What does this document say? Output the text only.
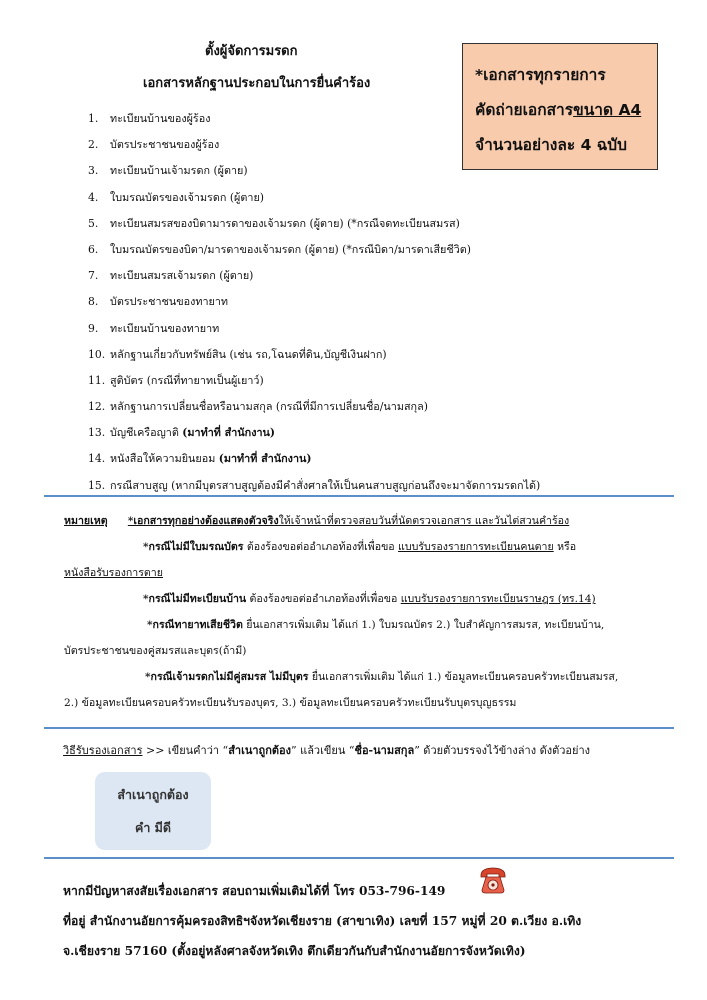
ตั้งผู้จัดการมรดก
เอกสารหลักฐานประกอบในการยื่นคำร้อง	*เอกสารทุกรายการ
คัดถ่ายเอกสารขนาด A4
จำนวนอย่างละ 4 ฉบับ
1. ทะเบียนบ้านของผู้ร้อง
2. บัตรประชาชนของผู้ร้อง
3. ทะเบียนบ้านเจ้ามรดก (ผู้ตาย)
4. ใบมรณบัตรของเจ้ามรดก (ผู้ตาย)
5. ทะเบียนสมรสของบิดามารดาของเจ้ามรดก (ผู้ตาย) (*กรณีจดทะเบียนสมรส)
6. ใบมรณบัตรของบิดา/มารดาของเจ้ามรดก (ผู้ตาย) (*กรณีบิดา/มารดาเสียชีวิต)
7. ทะเบียนสมรสเจ้ามรดก (ผู้ตาย)
8. บัตรประชาชนของทายาท
9. ทะเบียนบ้านของทายาท
10. หลักฐานเกี่ยวกับทรัพย์สิน (เช่น รถ,โฉนดที่ดิน,บัญชีเงินฝาก)
11. สูติบัตร (กรณีที่ทายาทเป็นผู้เยาว์)
12. หลักฐานการเปลี่ยนชื่อหรือนามสกุล (กรณีที่มีการเปลี่ยนชื่อ/นามสกุล)
13. บัญชีเครือญาติ (มาทำที่ สำนักงาน)
14. หนังสือให้ความยินยอม (มาทำที่ สำนักงาน)
15. กรณีสาบสูญ (หากมีบุตรสาบสูญต้องมีคำสั่งศาลให้เป็นคนสาบสูญก่อนถึงจะมาจัดการมรดกได้)
หมายเหตุ *เอกสารทุกอย่างต้องแสดงตัวจริงให้เจ้าหน้าที่ตรวจสอบวันที่นัดตรวจเอกสาร และวันไต่สวนคำร้อง
*กรณีไม่มีใบมรณบัตร ต้องร้องขอต่ออำเภอท้องที่เพื่อขอ แบบรับรองรายการทะเบียนคนตาย หรือ
หนังสือรับรองการตาย
*กรณีไม่มีทะเบียนบ้าน ต้องร้องขอต่ออำเภอท้องที่เพื่อขอ แบบรับรองรายการทะเบียนราษฎร (ทร.14)
*กรณีทายาทเสียชีวิต ยื่นเอกสารเพิ่มเติม ได้แก่ 1.) ใบมรณบัตร 2.) ใบสำคัญการสมรส, ทะเบียนบ้าน,
บัตรประชาชนของคู่สมรสและบุตร(ถ้ามี)
*กรณีเจ้ามรดกไม่มีคู่สมรส ไม่มีบุตร ยื่นเอกสารเพิ่มเติม ได้แก่ 1.) ข้อมูลทะเบียนครอบครัวทะเบียนสมรส,
2.) ข้อมูลทะเบียนครอบครัวทะเบียนรับรองบุตร, 3.) ข้อมูลทะเบียนครอบครัวทะเบียนรับบุตรบุญธรรม
วิธีรับรองเอกสาร >> เขียนคำว่า “สำเนาถูกต้อง” แล้วเขียน “ชื่อ-นามสกุล” ด้วยตัวบรรจงไว้ข้างล่าง ดังตัวอย่าง
สำเนาถูกต้อง
คำ มีดี
หากมีปัญหาสงสัยเรื่องเอกสาร สอบถามเพิ่มเติมได้ที่ โทร 053-796-149
ที่อยู่ สำนักงานอัยการคุ้มครองสิทธิฯจังหวัดเชียงราย (สาขาเทิง) เลขที่ 157 หมู่ที่ 20 ต.เวียง อ.เทิง
จ.เชียงราย 57160 (ตั้งอยู่หลังศาลจังหวัดเทิง ตึกเดียวกันกับสำนักงานอัยการจังหวัดเทิง)
